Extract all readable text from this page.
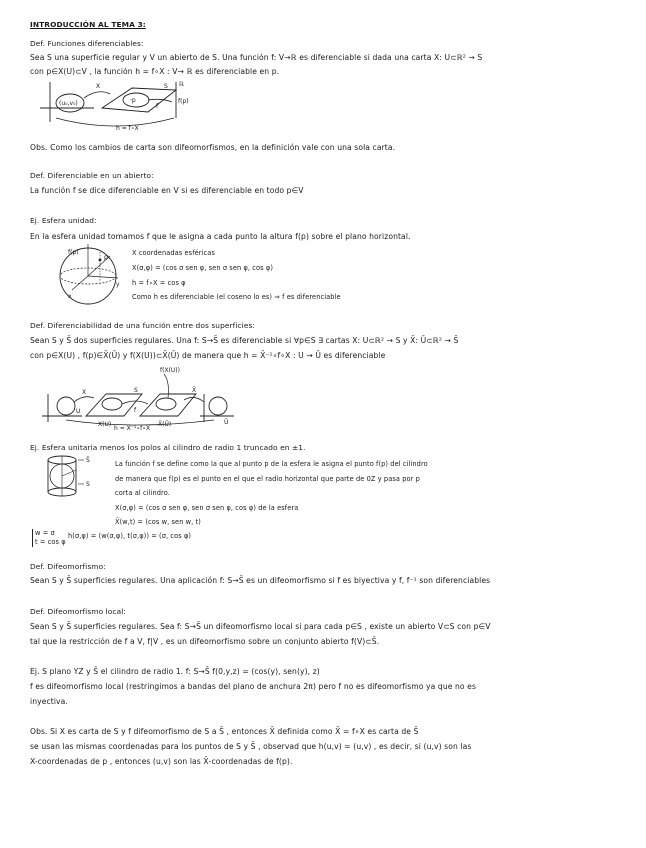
INTRODUCCIÓN AL TEMA 3:
Def. Funciones diferenciables:
Sea S una superficie regular y V un abierto de S. Una función f: V→ℝ es diferenciable si dada una carta X: U⊂ℝ² → S
con p∈X(U)⊂V , la función h = f∘X : V→ ℝ es diferenciable en p.
(u₀,v₀)
X
·p
S
f
ℝ
f(p)
h = f∘X
Obs. Como los cambios de carta son difeomorfismos, en la definición vale con una sola carta.
Def. Diferenciable en un abierto:
La función f se dice diferenciable en V si es diferenciable en todo p∈V
Ej. Esfera unidad:
En la esfera unidad tomamos f que le asigna a cada punto la altura f(p) sobre el plano horizontal.
f(p)
p
x
y
X coordenadas esféricas
X(σ,φ) = (cos σ sen φ, sen σ sen φ, cos φ)
h = f∘X = cos φ
Como h es diferenciable (el coseno lo es) ⇒ f es diferenciable
Def. Diferenciabilidad de una función entre dos superficies:
Sean S y S̄ dos superficies regulares. Una f: S→S̄ es diferenciable si ∀p∈S ∃ cartas X: U⊂ℝ² → S y X̄: Ū⊂ℝ² → S̄
con p∈X(U) , f(p)∈X̄(Ū) y f(X(U))⊂X̄(Ū) de manera que h = X̄⁻¹∘f∘X : U → Ū es diferenciable
U
X
X(U)
S
f
X̄(Ū)
f(X(U))
X̄
Ū
h = X̄⁻¹∘f∘X
Ej. Esfera unitaria menos los polos al cilindro de radio 1 truncado en ±1.
S̄
S
La función f se define como la que al punto p de la esfera le asigna el punto f(p) del cilindro
de manera que f(p) es el punto en el que el radio horizontal que parte de 0Z y pasa por p
corta al cilindro.
X(σ,φ) = (cos σ sen φ, sen σ sen φ, cos φ) de la esfera
X̄(w,t) = (cos w, sen w, t)
h(σ,φ) = (w(σ,φ), t(σ,φ)) = (σ, cos φ)
w = σ
t = cos φ
Def. Difeomorfismo:
Sean S y S̄ superficies regulares. Una aplicación f: S→S̄ es un difeomorfismo si f es biyectiva y f, f⁻¹ son diferenciables
Def. Difeomorfismo local:
Sean S y S̄ superficies regulares. Sea f: S→S̄ un difeomorfismo local si para cada p∈S , existe un abierto V⊂S con p∈V
tal que la restricción de f a V, f|V , es un difeomorfismo sobre un conjunto abierto f(V)⊂S̄.
Ej. S plano YZ y S̄ el cilindro de radio 1. f: S→S̄ f(0,y,z) = (cos(y), sen(y), z)
f es difeomorfismo local (restringimos a bandas del plano de anchura 2π) pero f no es difeomorfismo ya que no es
inyectiva.
Obs. Si X es carta de S y f difeomorfismo de S a S̄ , entonces X̄ definida como X̄ = f∘X es carta de S̄
se usan las mismas coordenadas para los puntos de S y S̄ , observad que h(u,v) = (u,v) , es decir, si (u,v) son las
X-coordenadas de p , entonces (u,v) son las X̄-coordenadas de f(p).
